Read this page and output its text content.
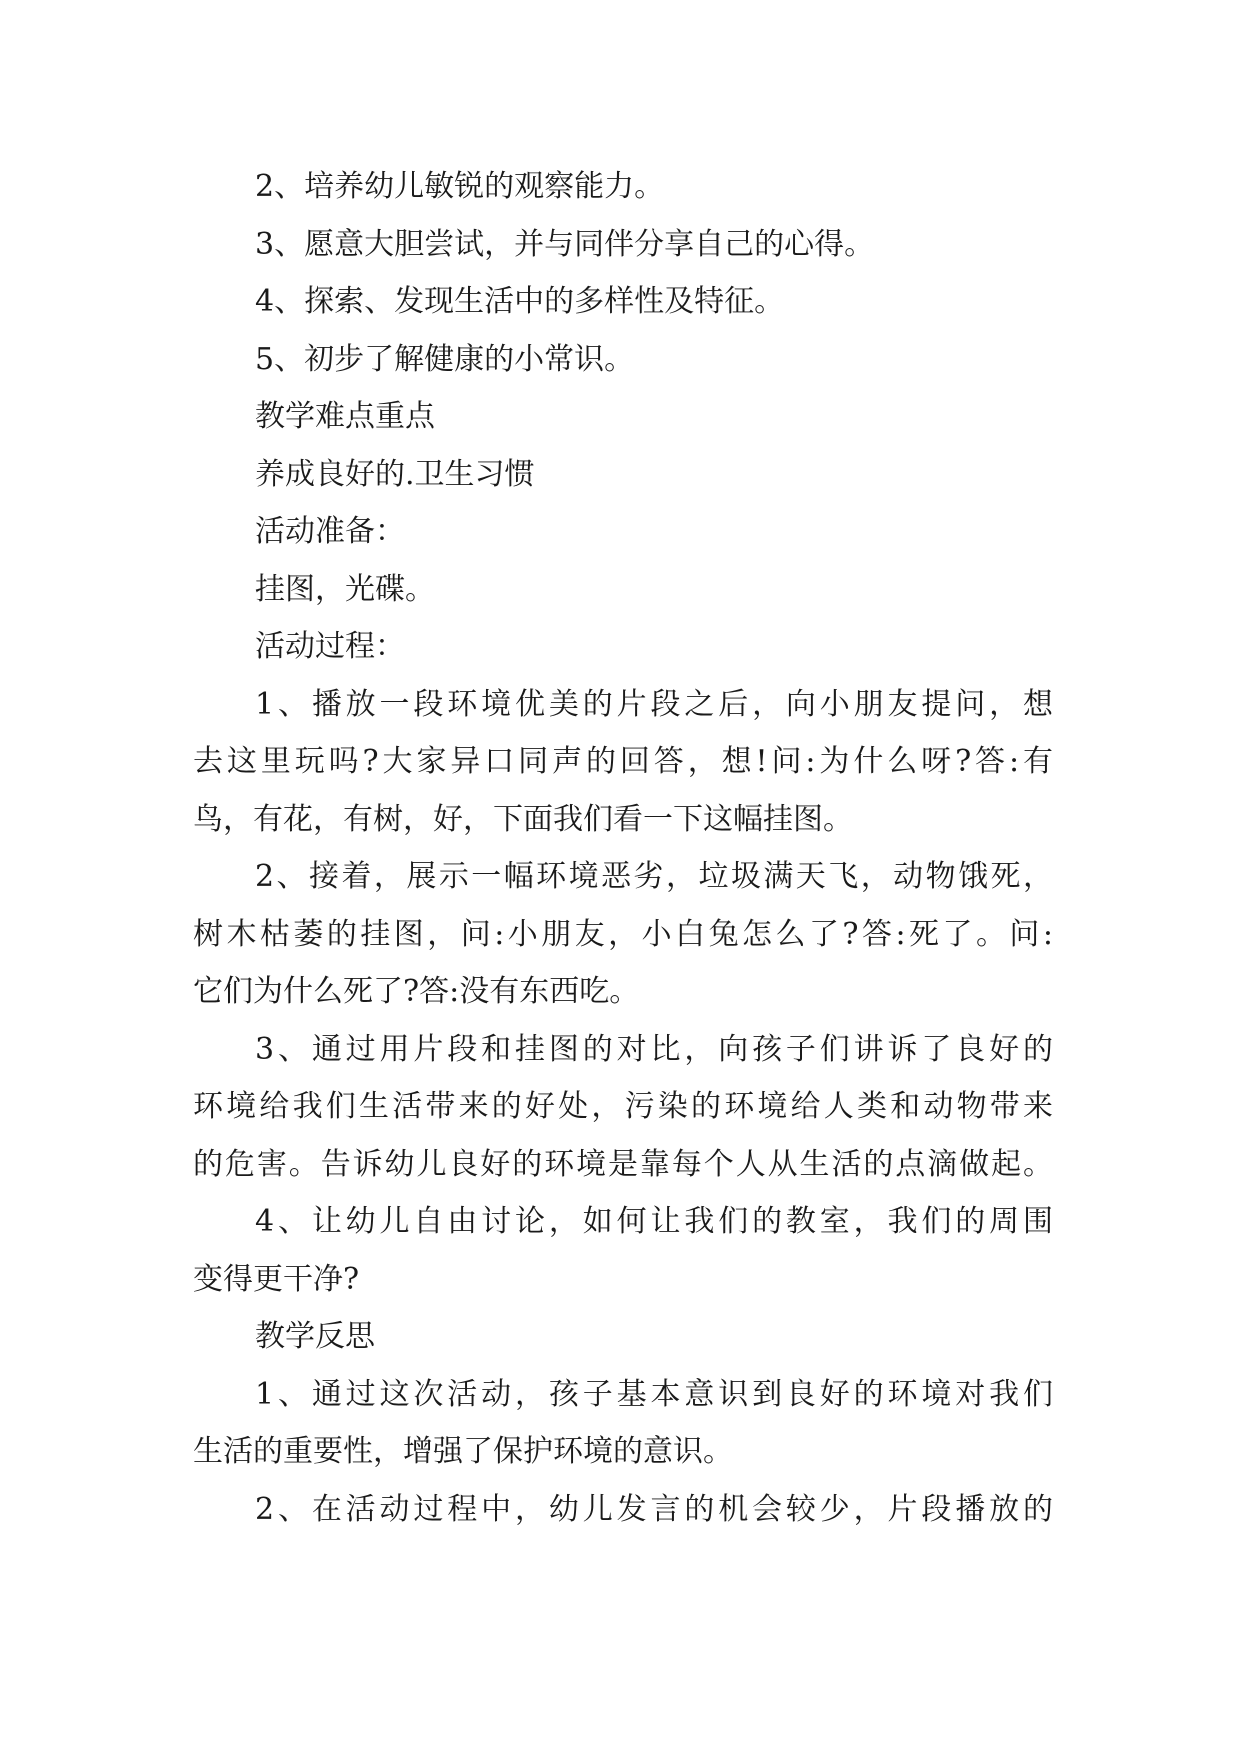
2、培养幼儿敏锐的观察能力。
3、愿意大胆尝试，并与同伴分享自己的心得。
4、探索、发现生活中的多样性及特征。
5、初步了解健康的小常识。
教学难点重点
养成良好的.卫生习惯
活动准备：
挂图，光碟。
活动过程：
1、播放一段环境优美的片段之后，向小朋友提问，想
去这里玩吗?大家异口同声的回答，想!问:为什么呀?答:有
鸟，有花，有树，好，下面我们看一下这幅挂图。
2、接着，展示一幅环境恶劣，垃圾满天飞，动物饿死，
树木枯萎的挂图，问:小朋友，小白兔怎么了?答:死了。问:
它们为什么死了?答:没有东西吃。
3、通过用片段和挂图的对比，向孩子们讲诉了良好的
环境给我们生活带来的好处，污染的环境给人类和动物带来
的危害。告诉幼儿良好的环境是靠每个人从生活的点滴做起。
4、让幼儿自由讨论，如何让我们的教室，我们的周围
变得更干净?
教学反思
1、通过这次活动，孩子基本意识到良好的环境对我们
生活的重要性，增强了保护环境的意识。
2、在活动过程中，幼儿发言的机会较少，片段播放的
